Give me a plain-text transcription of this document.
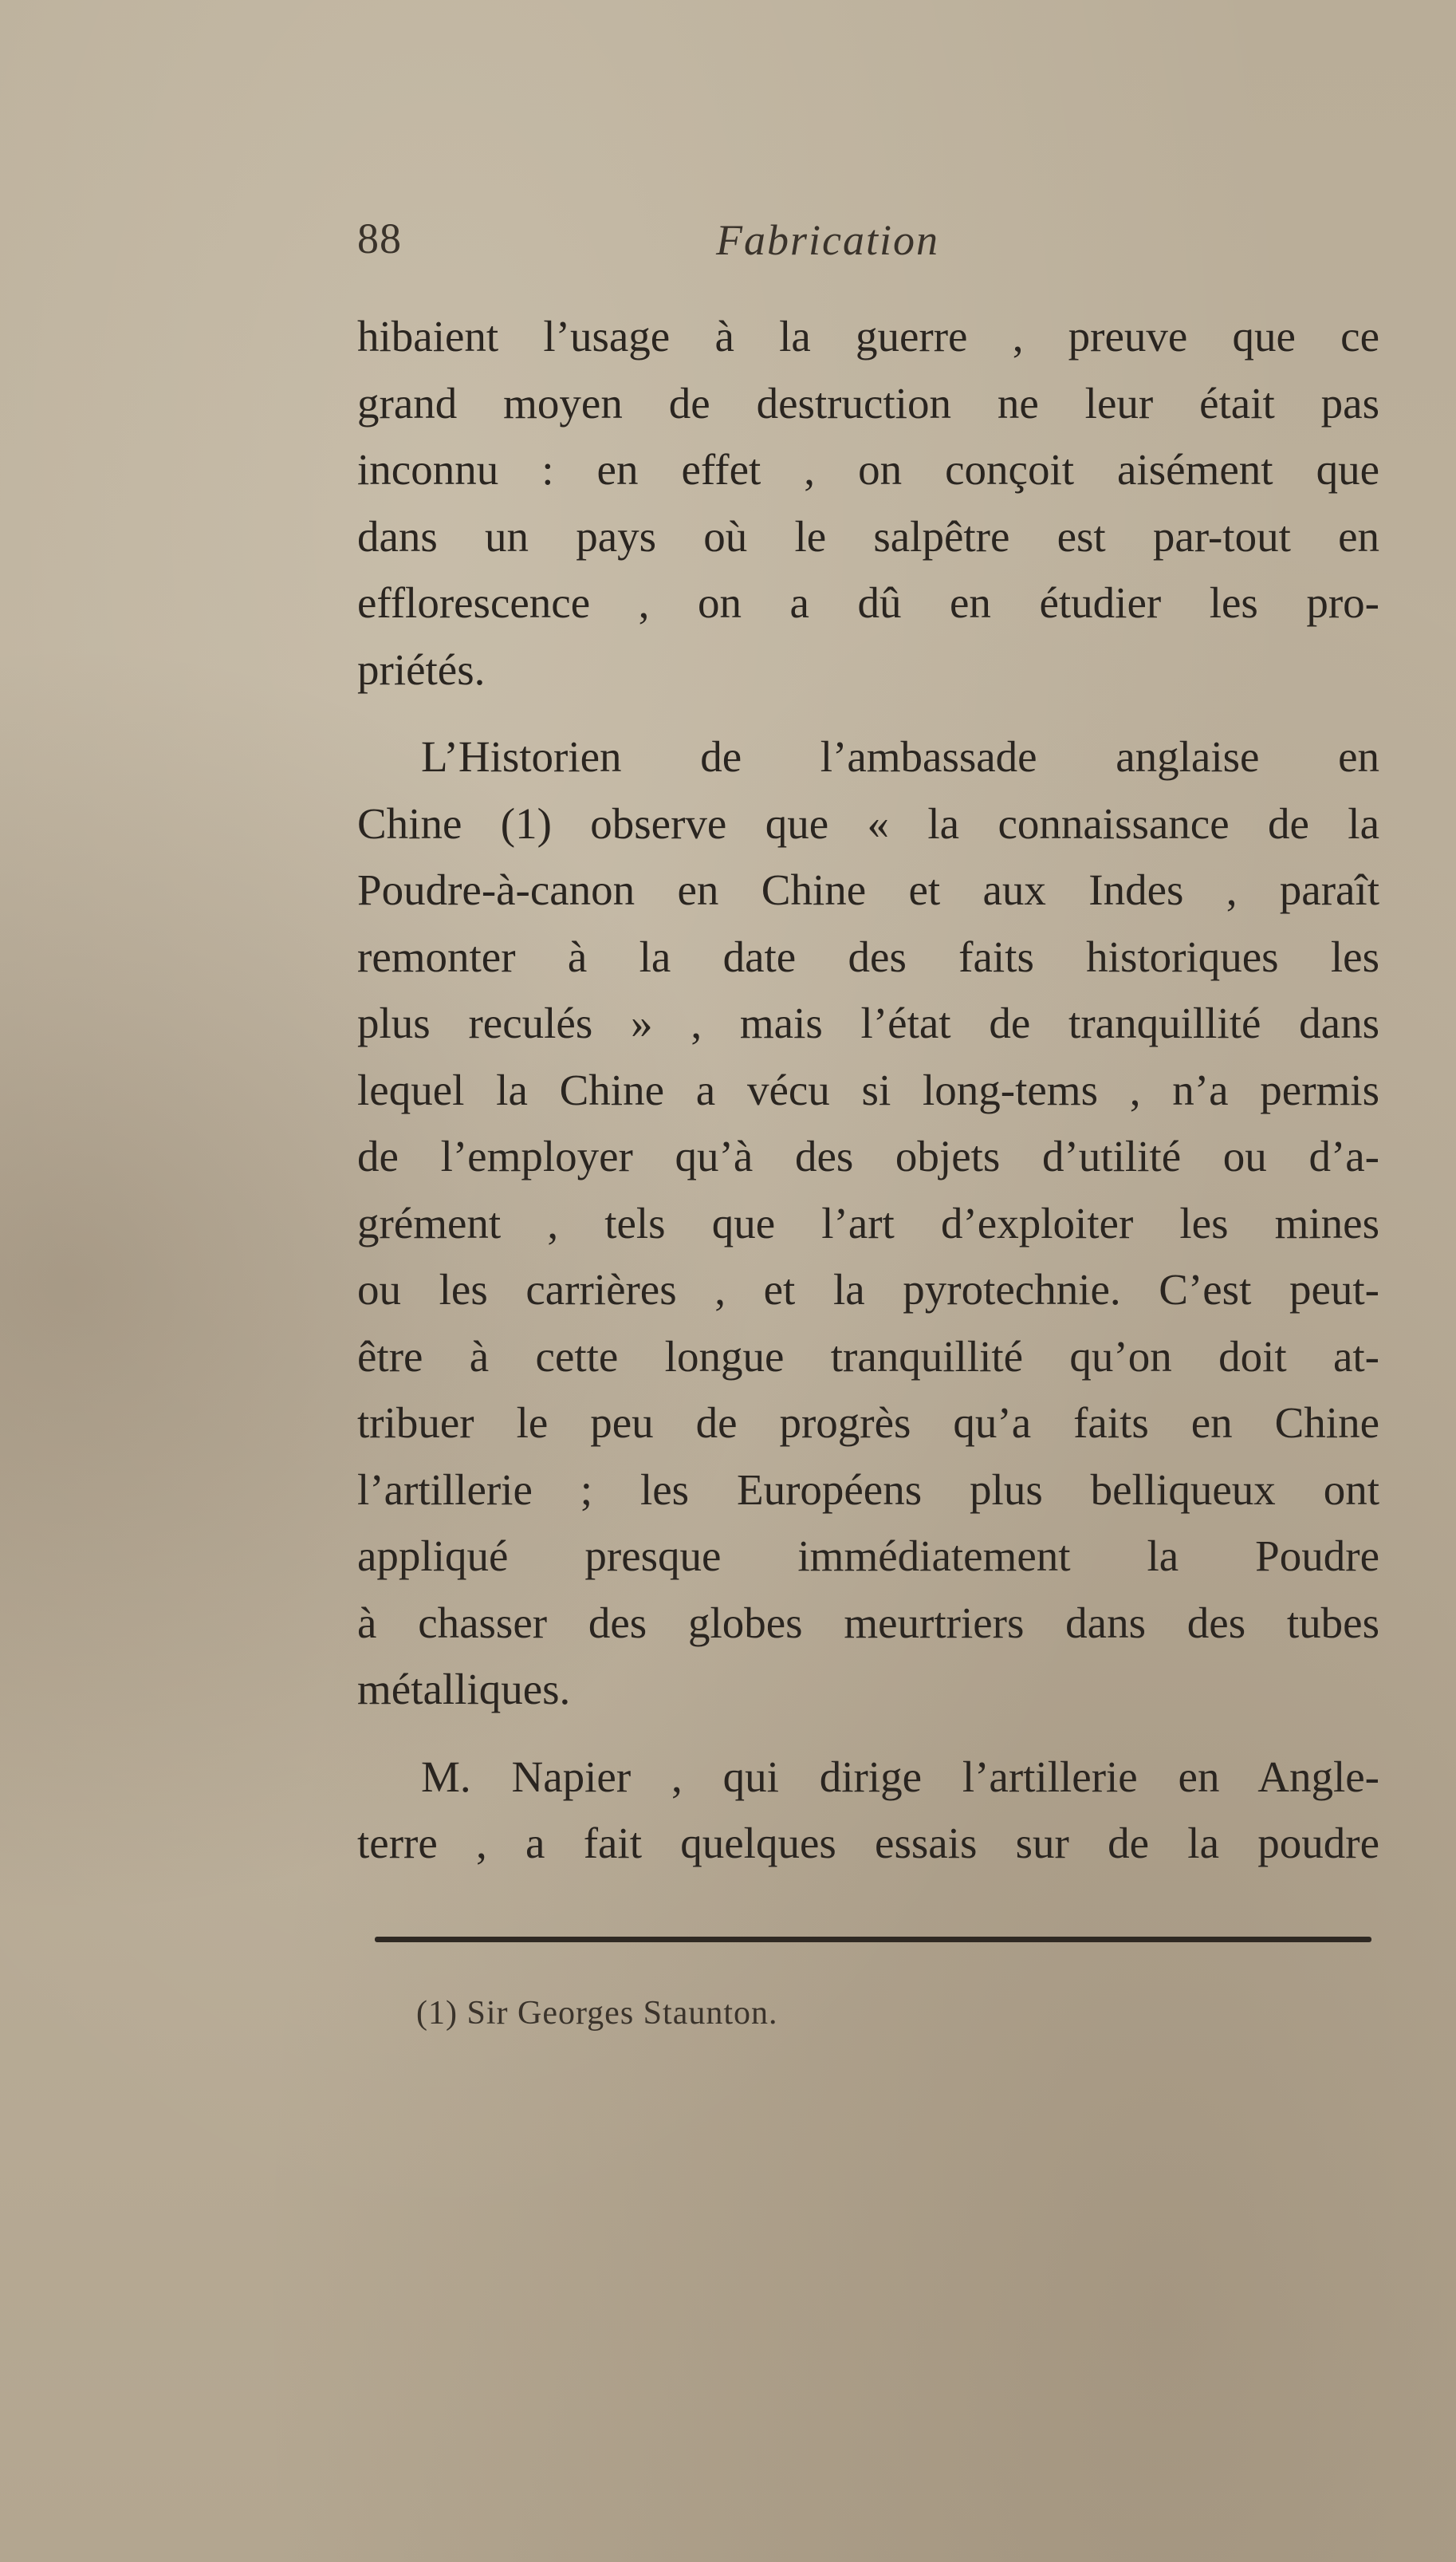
88	Fabrication
hibaient l’usage à la guerre , preuve que ce
grand moyen de destruction ne leur était pas
inconnu : en effet , on conçoit aisément que
dans un pays où le salpêtre est par-tout en
efflorescence , on a dû en étudier les pro-
priétés.
L’Historien de l’ambassade anglaise en
Chine (1) observe que « la connaissance de la
Poudre-à-canon en Chine et aux Indes , paraît
remonter à la date des faits historiques les
plus reculés » , mais l’état de tranquillité dans
lequel la Chine a vécu si long-tems , n’a permis
de l’employer qu’à des objets d’utilité ou d’a-
grément , tels que l’art d’exploiter les mines
ou les carrières , et la pyrotechnie. C’est peut-
être à cette longue tranquillité qu’on doit at-
tribuer le peu de progrès qu’a faits en Chine
l’artillerie ; les Européens plus belliqueux ont
appliqué presque immédiatement la Poudre
à chasser des globes meurtriers dans des tubes
métalliques.
M. Napier , qui dirige l’artillerie en Angle-
terre , a fait quelques essais sur de la poudre
(1) Sir Georges Staunton.
